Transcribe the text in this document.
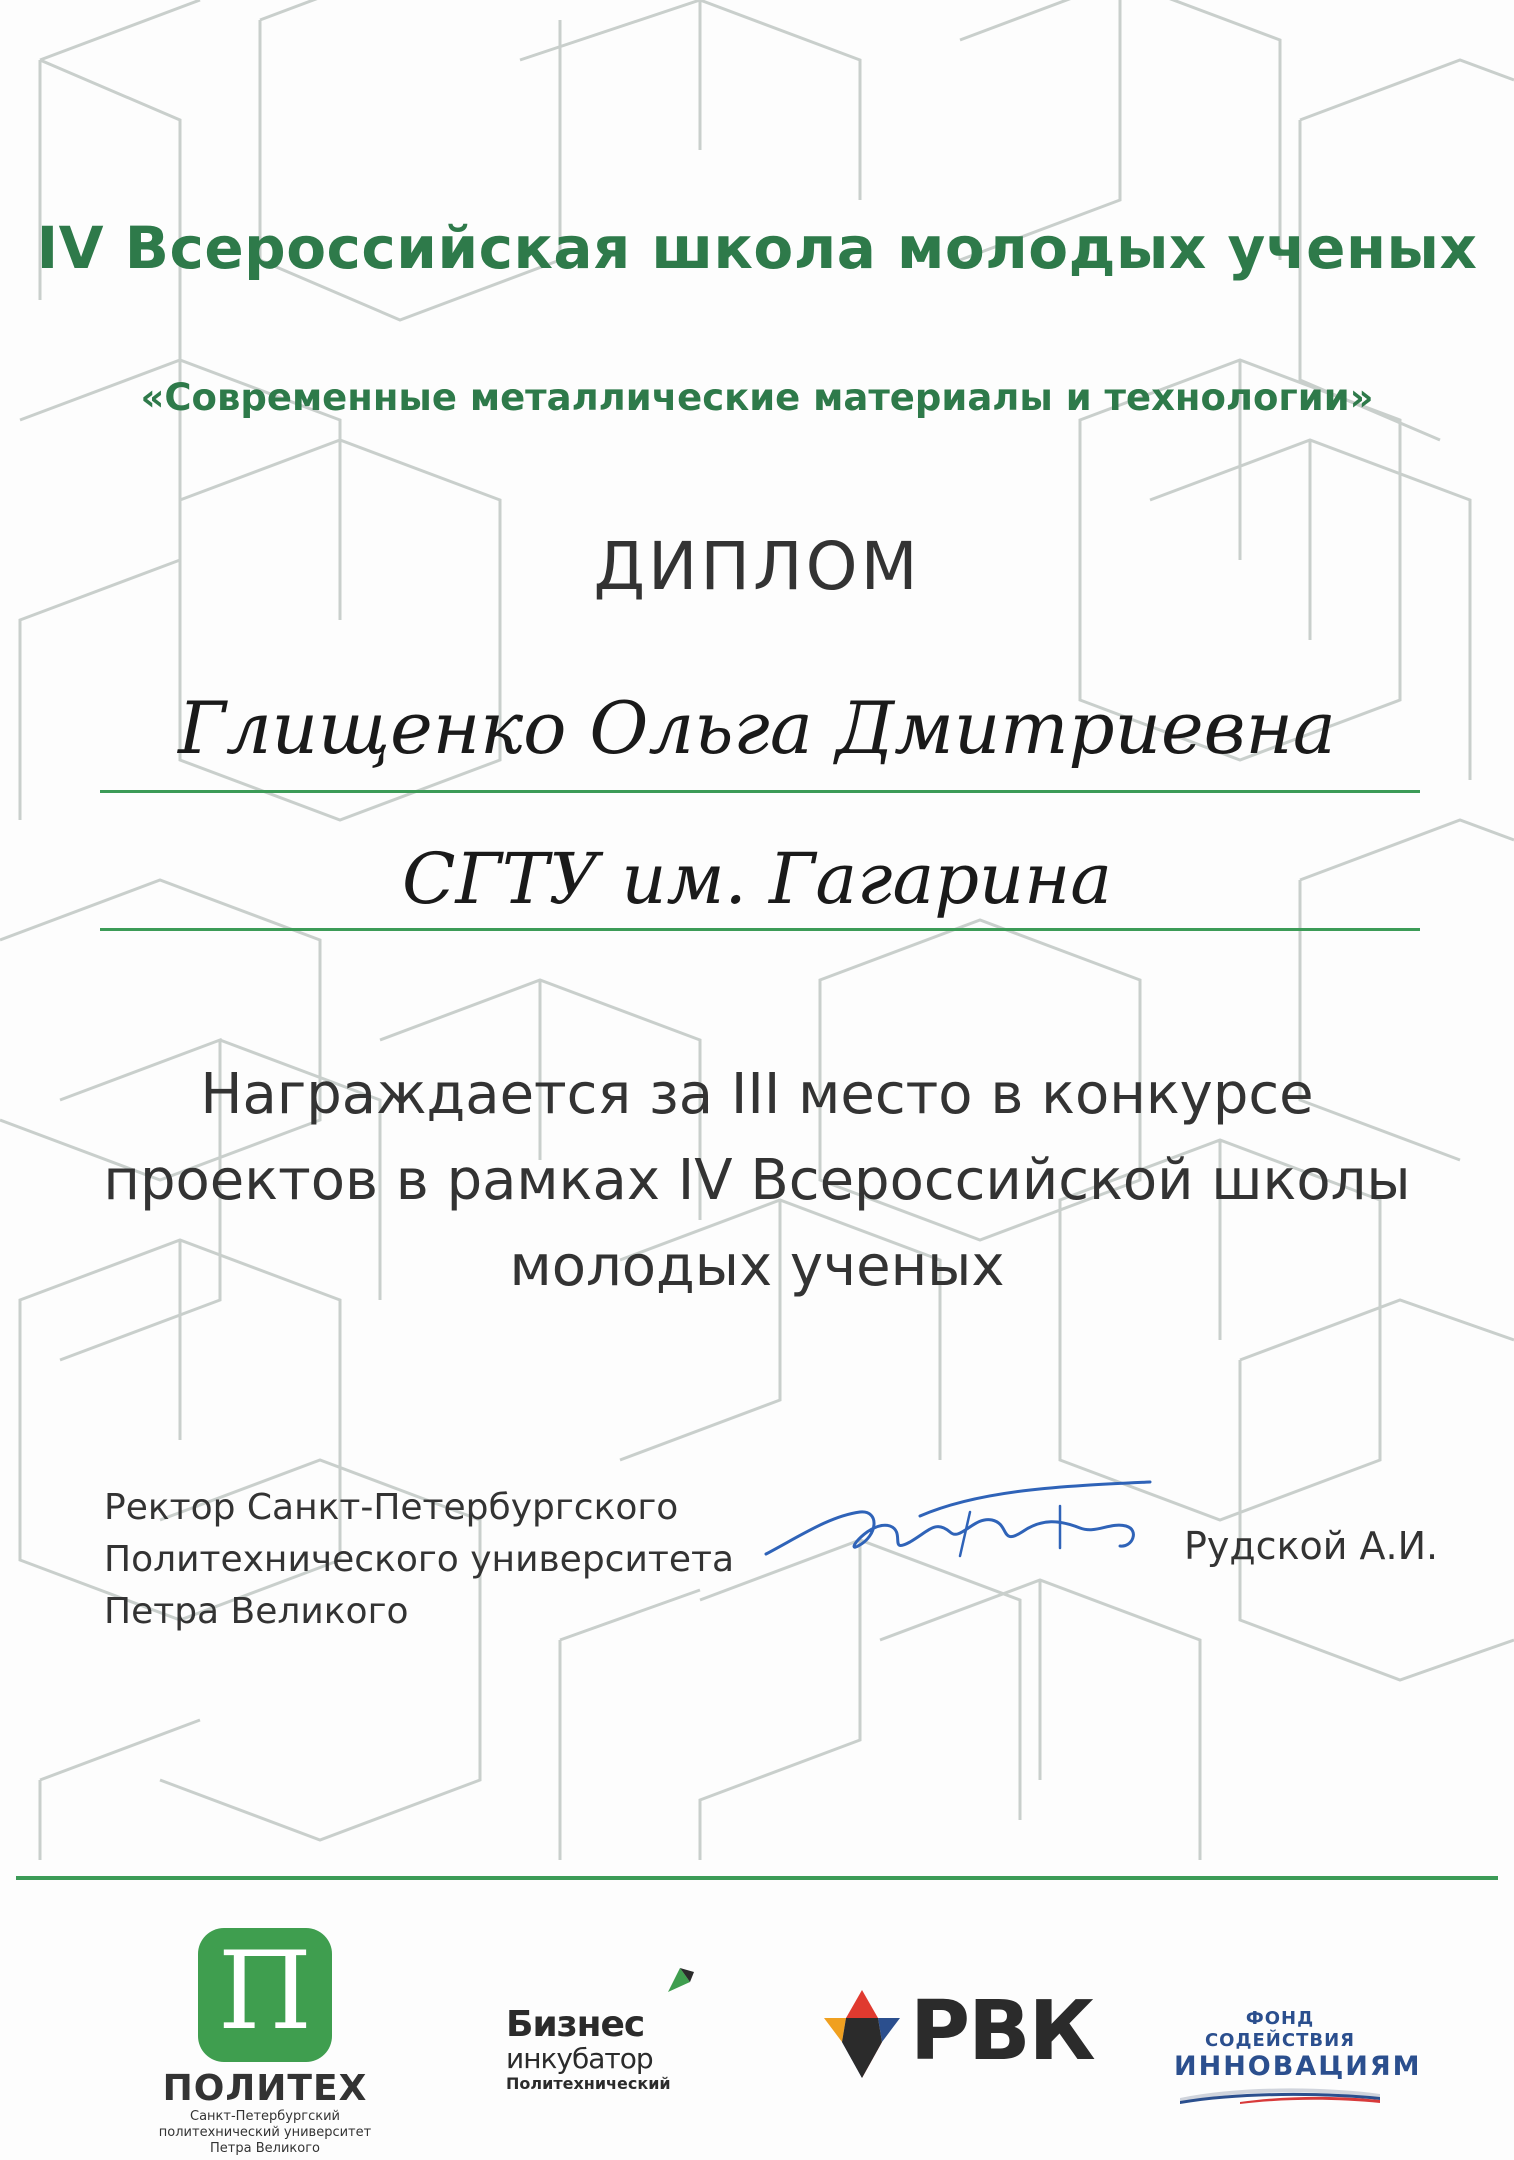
IV Всероссийская школа молодых ученых
«Современные металлические материалы и технологии»
ДИПЛОМ
Глищенко Ольга Дмитриевна
СГТУ им. Гагарина
Награждается за III место в конкурсе
проектов в рамках IV Всероссийской школы
молодых ученых
Ректор Санкт-Петербургского
Политехнического университета
Петра Великого
Рудской А.И.
П
ПОЛИТЕХ
Санкт-Петербургский
политехнический университет
Петра Великого
Бизнес
инкубатор
Политехнический
РВК	ФОНД СОДЕЙСТВИЯ
ИННОВАЦИЯМ
